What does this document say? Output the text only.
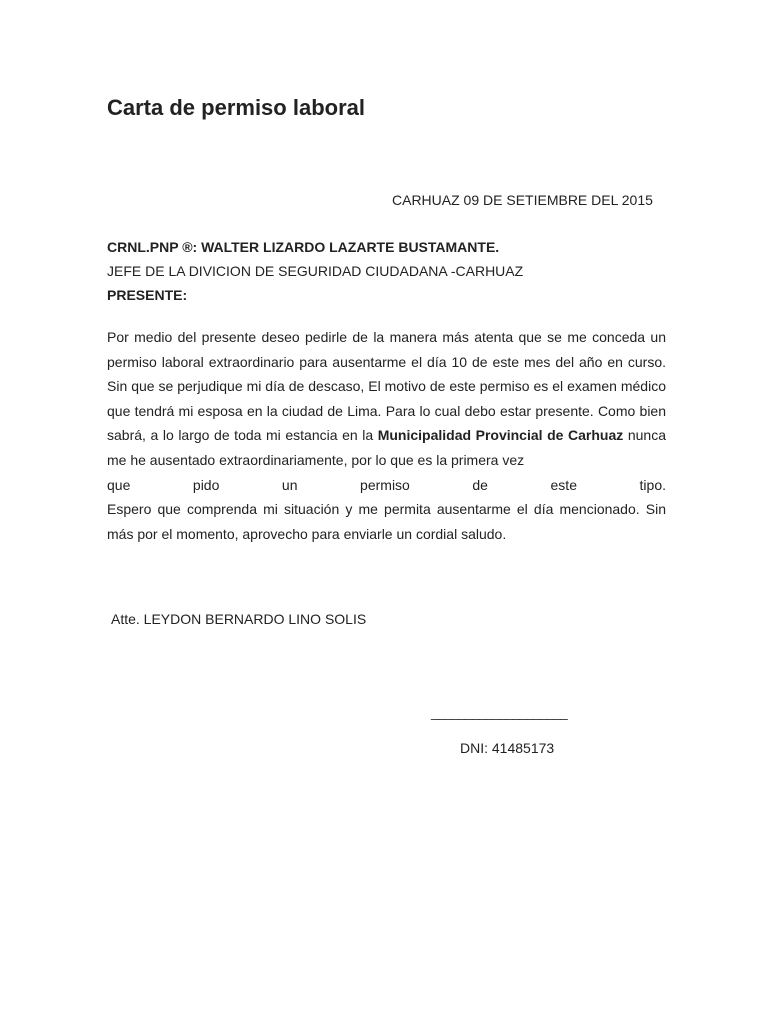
Carta de permiso laboral
CARHUAZ 09 DE SETIEMBRE DEL 2015
CRNL.PNP ®: WALTER LIZARDO LAZARTE BUSTAMANTE.
JEFE DE LA DIVICION DE SEGURIDAD CIUDADANA -CARHUAZ
PRESENTE:
Por medio del presente deseo pedirle de la manera más atenta que se me conceda un permiso laboral extraordinario para ausentarme el día 10 de este mes del año en curso. Sin que se perjudique mi día de descaso, El motivo de este permiso es el examen médico que tendrá mi esposa en la ciudad de Lima. Para lo cual debo estar presente. Como bien sabrá, a lo largo de toda mi estancia en la Municipalidad Provincial de Carhuaz nunca me he ausentado extraordinariamente, por lo que es la primera vez
que	pido	un	permiso	de	este	tipo.
Espero que comprenda mi situación y me permita ausentarme el día mencionado. Sin más por el momento, aprovecho para enviarle un cordial saludo.
Atte. LEYDON BERNARDO LINO SOLIS
____________________
DNI: 41485173
